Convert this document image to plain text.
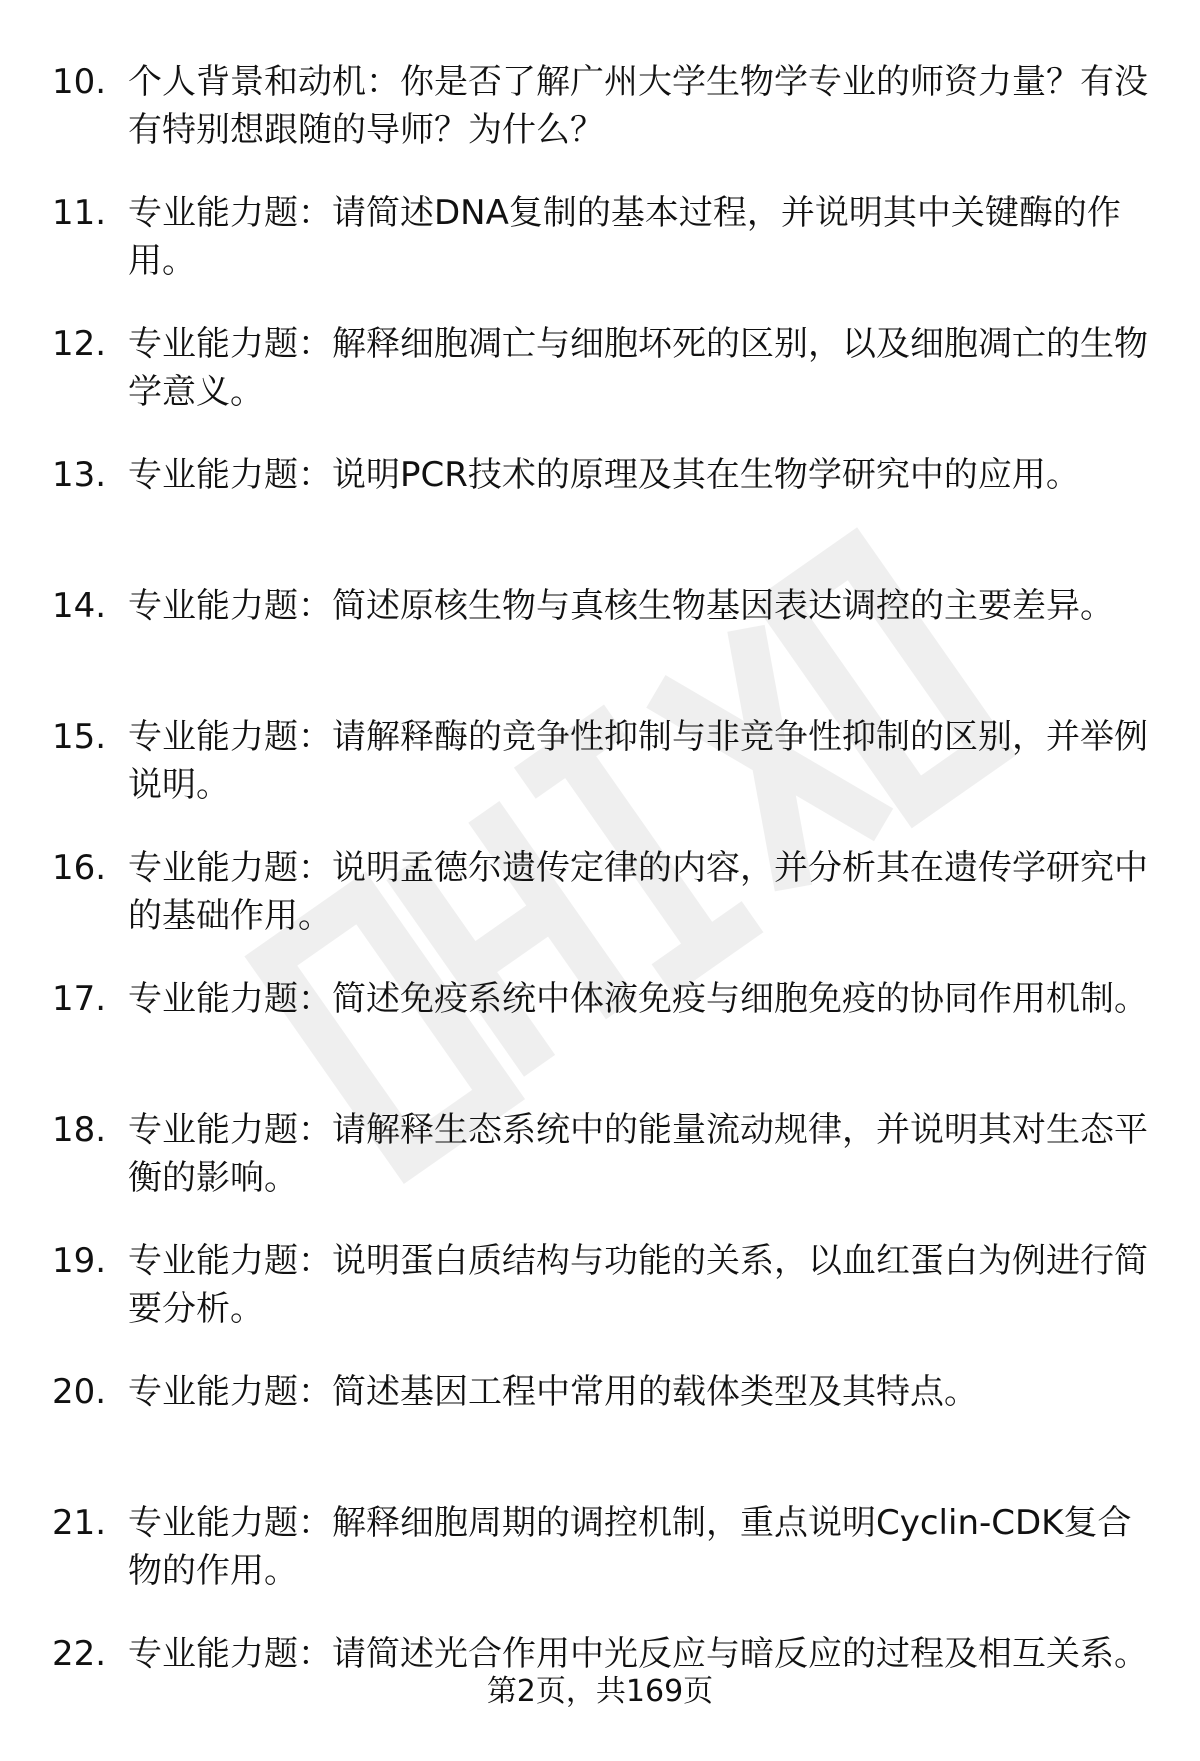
10. 个人背景和动机：你是否了解广州大学生物学专业的师资力量？有没有特别想跟随的导师？为什么？
11. 专业能力题：请简述DNA复制的基本过程，并说明其中关键酶的作用。
12. 专业能力题：解释细胞凋亡与细胞坏死的区别，以及细胞凋亡的生物学意义。
13. 专业能力题：说明PCR技术的原理及其在生物学研究中的应用。
14. 专业能力题：简述原核生物与真核生物基因表达调控的主要差异。
15. 专业能力题：请解释酶的竞争性抑制与非竞争性抑制的区别，并举例说明。
16. 专业能力题：说明孟德尔遗传定律的内容，并分析其在遗传学研究中的基础作用。
17. 专业能力题：简述免疫系统中体液免疫与细胞免疫的协同作用机制。
18. 专业能力题：请解释生态系统中的能量流动规律，并说明其对生态平衡的影响。
19. 专业能力题：说明蛋白质结构与功能的关系，以血红蛋白为例进行简要分析。
20. 专业能力题：简述基因工程中常用的载体类型及其特点。
21. 专业能力题：解释细胞周期的调控机制，重点说明Cyclin-CDK复合物的作用。
22. 专业能力题：请简述光合作用中光反应与暗反应的过程及相互关系。
第2页，共169页
